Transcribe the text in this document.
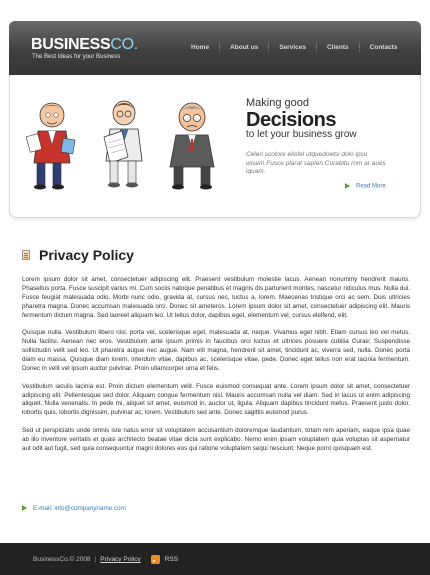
BUSINESSCO.
The Best Ideas for your Business
Home	About us	Services	Clients	Contacts
Making good
Decisions
to let your business grow
Celeri scolore elisfel utquedoetsi dolo ipsu wisem.Fusce plarat sapien.Curabitu rom ar aues iquam.
Read More
Privacy Policy

Lorem ipsum dolor sit amet, consectetuer adipiscing elit. Praesent vestibulum molestie lacus. Aenean nonummy hendrerit mauris. Phasellus porta. Fusce suscipit varius mi. Cum sociis natoque penatibus et magnis dis parturient montes, nascetur ridiculus mus. Nulla dui. Fusce feugiat malesuada odio. Morbi nunc odio, gravida at, cursus nec, luctus a, lorem. Maecenas tristique orci ac sem. Duis ultricies pharetra magna. Donec accumsan malesuada orci. Donec sit ameteros. Lorem ipsum dolor sit amet, consectetuer adipiscing elit. Mauris fermentum dictum magna. Sed laoreet aliquam leo. Ut tellus dolor, dapibus eget, elementum vel, cursus eleifend, elit.

Quisque nulla. Vestibulum libero nisl, porta vel, scelerisque eget, malesuada at, neque. Vivamus eget nibh. Etiam cursus leo vel metus. Nulla facilisi. Aenean nec eros. Vestibulum ante ipsum primis in faucibus orci luctus et ultrices posuere cubilia Curae; Suspendisse sollicitudin velit sed leo. Ut pharetra augue nec augue. Nam elit magna, hendrerit sit amet, tincidunt ac, viverra sed, nulla. Donec porta diam eu massa. Quisque diam lorem, interdum vitae, dapibus ac, scelerisque vitae, pede. Donec eget tellus non erat lacinia fermentum. Donec in velit vel ipsum auctor pulvinar. Proin ullamcorper urna et felis.

Vestibulum iaculis lacinia est. Proin dictum elementum velit. Fusce euismod consequat ante. Lorem ipsum dolor sit amet, consectetuer adipiscing elit. Pellentesque sed dolor. Aliquam congue fermentum nisl. Mauris accumsan nulla vel diam. Sed in lacus ut enim adipiscing aliquet. Nulla venenatis. In pede mi, aliquet sit amet, euismod in, auctor ut, ligula. Aliquam dapibus tincidunt metus. Praesent justo dolor, lobortis quis, lobortis dignissim, pulvinar ac, lorem. Vestibulum sed ante. Donec sagittis euismod purus.

Sed ut perspiciatis unde omnis iste natus error sit voluptatem accusantium doloremque laudantium, totam rem aperiam, eaque ipsa quae ab illo inventore veritatis et quasi architecto beatae vitae dicta sunt explicabo. Nemo enim ipsam voluptatem quia voluptas sit aspernatur aut odit aut fugit, sed quia consequuntur magni dolores eos qui ratione voluptatem sequi nesciunt. Neque porro quisquam est.

E-mail: info@companyname.com
BusinessCo.© 2008 | Privacy Policy	RSS
